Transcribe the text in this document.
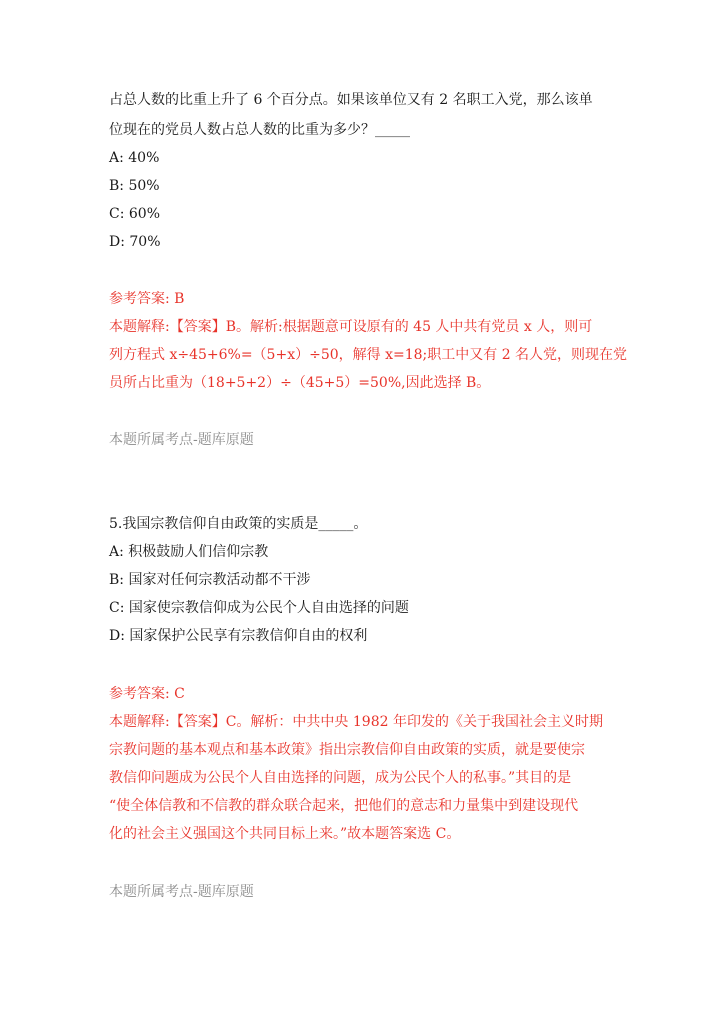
占总人数的比重上升了 6 个百分点。如果该单位又有 2 名职工入党，那么该单
位现在的党员人数占总人数的比重为多少？_____
A: 40%
B: 50%
C: 60%
D: 70%
参考答案: B
本题解释:【答案】B。解析:根据题意可设原有的 45 人中共有党员 x 人，则可
列方程式 x÷45+6%=（5+x）÷50，解得 x=18;职工中又有 2 名人党，则现在党
员所占比重为（18+5+2）÷（45+5）=50%,因此选择 B。
本题所属考点-题库原题
5.我国宗教信仰自由政策的实质是_____。
A: 积极鼓励人们信仰宗教
B: 国家对任何宗教活动都不干涉
C: 国家使宗教信仰成为公民个人自由选择的问题
D: 国家保护公民享有宗教信仰自由的权利
参考答案: C
本题解释:【答案】C。解析：中共中央 1982 年印发的《关于我国社会主义时期
宗教问题的基本观点和基本政策》指出宗教信仰自由政策的实质，就是要使宗
教信仰问题成为公民个人自由选择的问题，成为公民个人的私事。”其目的是
“使全体信教和不信教的群众联合起来，把他们的意志和力量集中到建设现代
化的社会主义强国这个共同目标上来。”故本题答案选 C。
本题所属考点-题库原题
